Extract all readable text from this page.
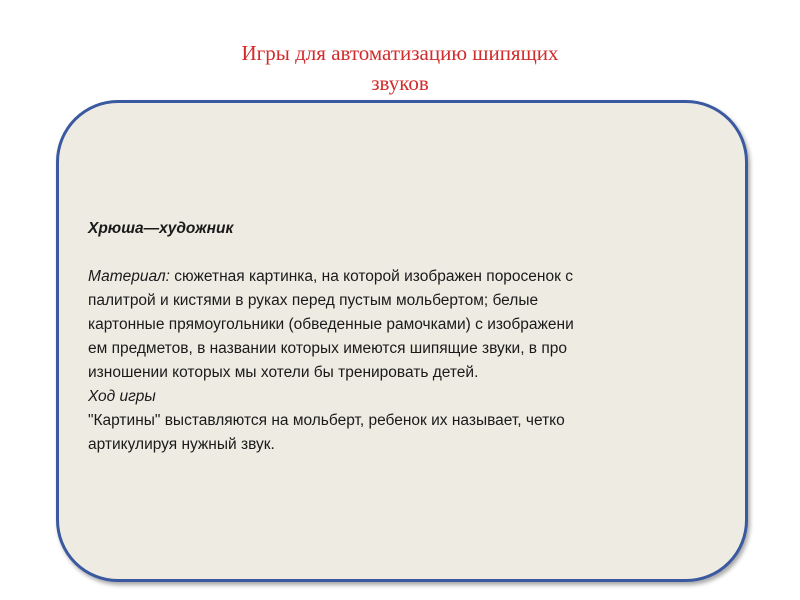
Игры для автоматизацию шипящих
звуков

Хрюша—художник

Материал: сюжетная картинка, на которой изображен поросенок с

палитрой и кистями в руках перед пустым мольбертом; белые

картонные прямоугольники (обведенные рамочками) с изображени

ем предметов, в названии которых имеются шипящие звуки, в про

изношении которых мы хотели бы тренировать детей.

Ход игры

"Картины" выставляются на мольберт, ребенок их называет, четко

артикулируя нужный звук.
